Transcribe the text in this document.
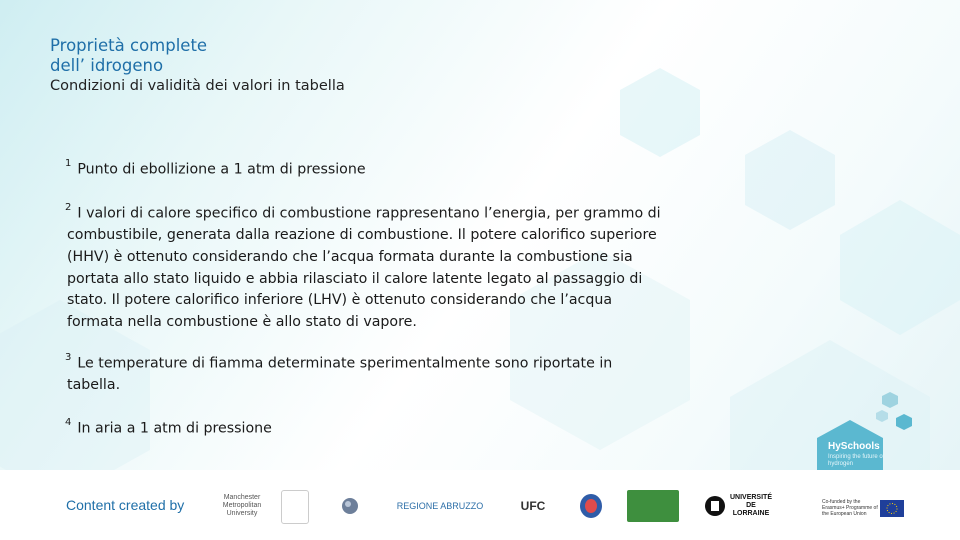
Proprietà complete
dell’ idrogeno
Condizioni di validità dei valori in tabella
$^1$ Punto di ebollizione a 1 atm di pressione
$^2$ I valori di calore specifico di combustione rappresentano l’energia, per grammo di combustibile, generata dalla reazione di combustione. Il potere calorifico superiore (HHV) è ottenuto considerando che l’acqua formata durante la combustione sia portata allo stato liquido e abbia rilasciato il calore latente legato al passaggio di stato. Il potere calorifico inferiore (LHV) è ottenuto considerando che l’acqua formata nella combustione è allo stato di vapore.
$^3$ Le temperature di fiamma determinate sperimentalmente sono riportate in tabella.
$^4$ In aria a 1 atm di pressione
HySchools
Inspiring the future of hydrogen
Content created by	Manchester Metropolitan University
REGIONE ABRUZZO	UFC
UNIVERSITÉ DE LORRAINE
Co-funded by the Erasmus+ Programme of the European Union
